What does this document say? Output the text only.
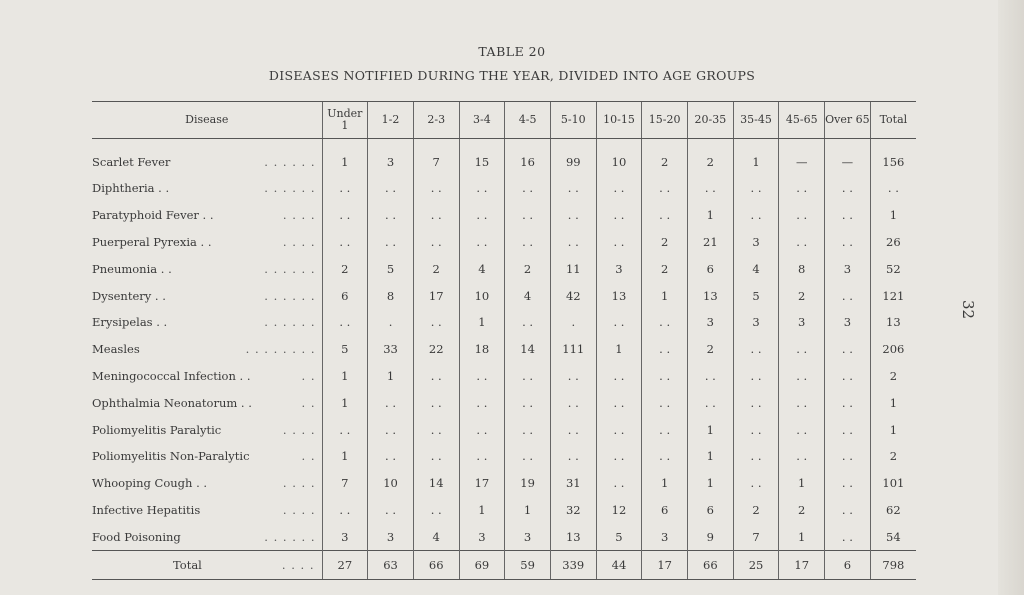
TABLE 20
DISEASES NOTIFIED DURING THE YEAR, DIVIDED INTO AGE GROUPS
32
Disease	Under 1	1-2	2-3	3-4	4-5	5-10	10-15	15-20	20-35	35-45	45-65	Over 65	Total

Scarlet Fever . . . . . .	1	3	7	15	16	99	10	2	2	1	—	—	156

Diphtheria . . . . . . . .	. .	. .	. .	. .	. .	. .	. .	. .	. .	. .	. .	. .	. .

Paratyphoid Fever . . . . . .	. .	. .	. .	. .	. .	. .	. .	. .	1	. .	. .	. .	1

Puerperal Pyrexia . . . . . .	. .	. .	. .	. .	. .	. .	. .	2	21	3	. .	. .	26

Pneumonia . . . . . . . .	2	5	2	4	2	11	3	2	6	4	8	3	52

Dysentery . . . . . . . .	6	8	17	10	4	42	13	1	13	5	2	. .	121

Erysipelas . . . . . . . .	. .	.	. .	1	. .	.	. .	. .	3	3	3	3	13

Measles . . . . . . . .	5	33	22	18	14	111	1	. .	2	. .	. .	. .	206

Meningococcal Infection . . . .	1	1	. .	. .	. .	. .	. .	. .	. .	. .	. .	. .	2

Ophthalmia Neonatorum . . . .	1	. .	. .	. .	. .	. .	. .	. .	. .	. .	. .	. .	1

Poliomyelitis Paralytic . . . .	. .	. .	. .	. .	. .	. .	. .	. .	1	. .	. .	. .	1

Poliomyelitis Non-Paralytic . .	1	. .	. .	. .	. .	. .	. .	. .	1	. .	. .	. .	2

Whooping Cough . . . . . .	7	10	14	17	19	31	. .	1	1	. .	1	. .	101

Infective Hepatitis . . . .	. .	. .	. .	1	1	32	12	6	6	2	2	. .	62

Food Poisoning . . . . . .	3	3	4	3	3	13	5	3	9	7	1	. .	54

Total . . . .	27	63	66	69	59	339	44	17	66	25	17	6	798
